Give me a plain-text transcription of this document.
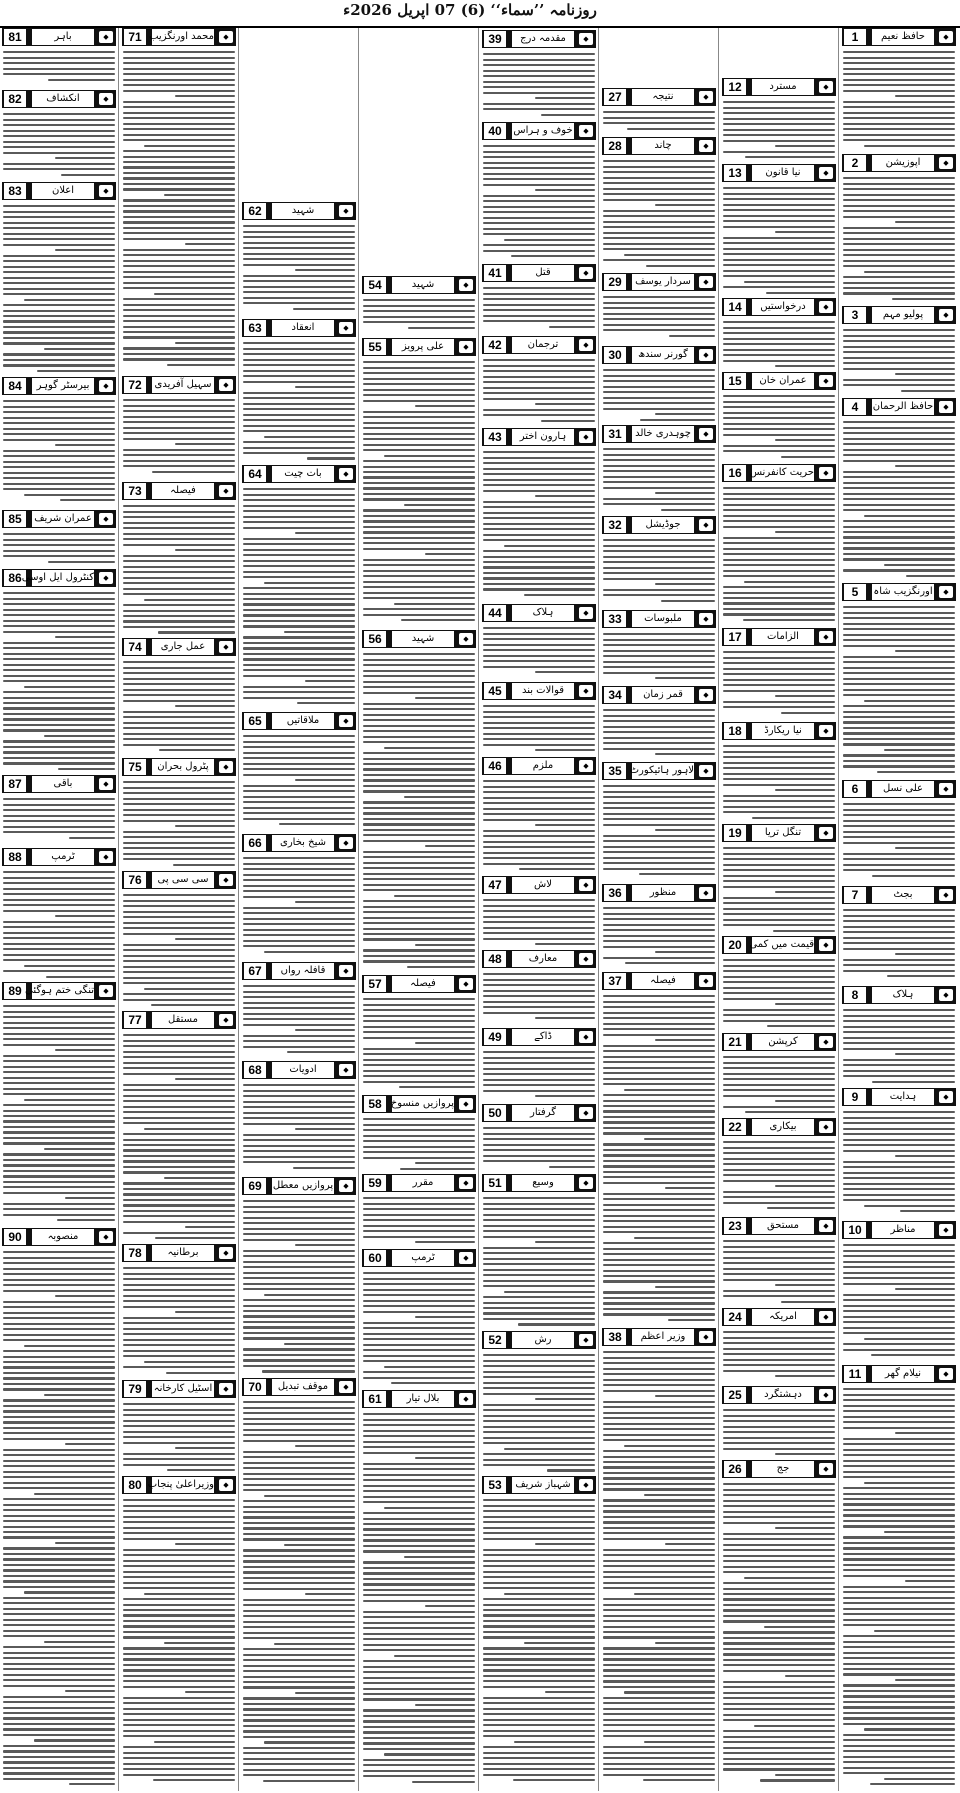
روزنامہ ’’سماء‘‘ (6) 07 اپریل 2026ء
1	حافظ نعیم	◆
2	اپوزیشن	◆
3	پولیو مہم	◆
4	حافظ الرحمان	◆
5	اورنگزیب شاہ	◆
6	علی نسل	◆
7	بجٹ	◆
8	ہلاک	◆
9	ہدایت	◆
10	مناظر	◆
11	نیلام گھر	◆
12	مسترد	◆
13	نیا قانون	◆
14	درخواستیں	◆
15	عمران خان	◆
16 حریت کانفرنس	◆
17	الزامات	◆
18	نیا ریکارڈ	◆
19	تنگل تریا	◆
20 قیمت میں کمی	◆
21	کرپشن	◆
22	بیکاری	◆
23	مستحق	◆
24	امریکہ	◆
25	دہشتگرد	◆
26	جج	◆
27	نتیجہ	◆
28	چاند	◆
29	سردار یوسف	◆
30	گورنر سندھ	◆
31	چوہدری خالد	◆
32	جوڈیشل	◆
33	ملبوسات	◆
34	قمر زمان	◆
35 لاہور ہائیکورٹ	◆
36	منظور	◆
37	فیصلہ	◆
38	وزیر اعظم	◆
39	مقدمہ درج	◆
40	خوف و ہراس	◆
41	قتل	◆
42	ترجمان	◆
43	ہارون اختر	◆
44	ہلاک	◆
45	قوالات بند	◆
46	ملزم	◆
47	لاش	◆
48	معارف	◆
49	ڈاکے	◆
50	گرفتار	◆
51	وسیع	◆
52	رش	◆
53	شہباز شریف	◆
54	شہید	◆
55	علی پرویز	◆
56	شہید	◆
57	فیصلہ	◆
58 پروازیں منسوخ	◆
59	مقرر	◆
60	ٹرمپ	◆
61	بلال تیار	◆
62	شہید	◆
63	انعقاد	◆
64	بات چیت	◆
65	ملاقاتیں	◆
66	شیخ بخاری	◆
67	قافلہ رواں	◆
68	ادویات	◆
69	پروازیں معطل	◆
70	موقف تبدیل	◆
71 محمد اورنگزیب	◆
72	سہیل آفریدی	◆
73	فیصلہ	◆
74	عمل جاری	◆
75	پٹرول بحران	◆
76	سی سی پی	◆
77	مستقل	◆
78	برطانیہ	◆
79	اسٹیل کارخانہ	◆
80 وزیراعلیٰ پنجاب	◆
81	باہر	◆
82	انکشاف	◆
83	اعلان	◆
84	بیرسٹر گوہر	◆
85	عمران شریف	◆
86 کنٹرول ایل اوسی	◆
87	باقی	◆
88	ٹرمپ	◆
89 تنگی ختم ہوگئی	◆
90	منصوبہ	◆
